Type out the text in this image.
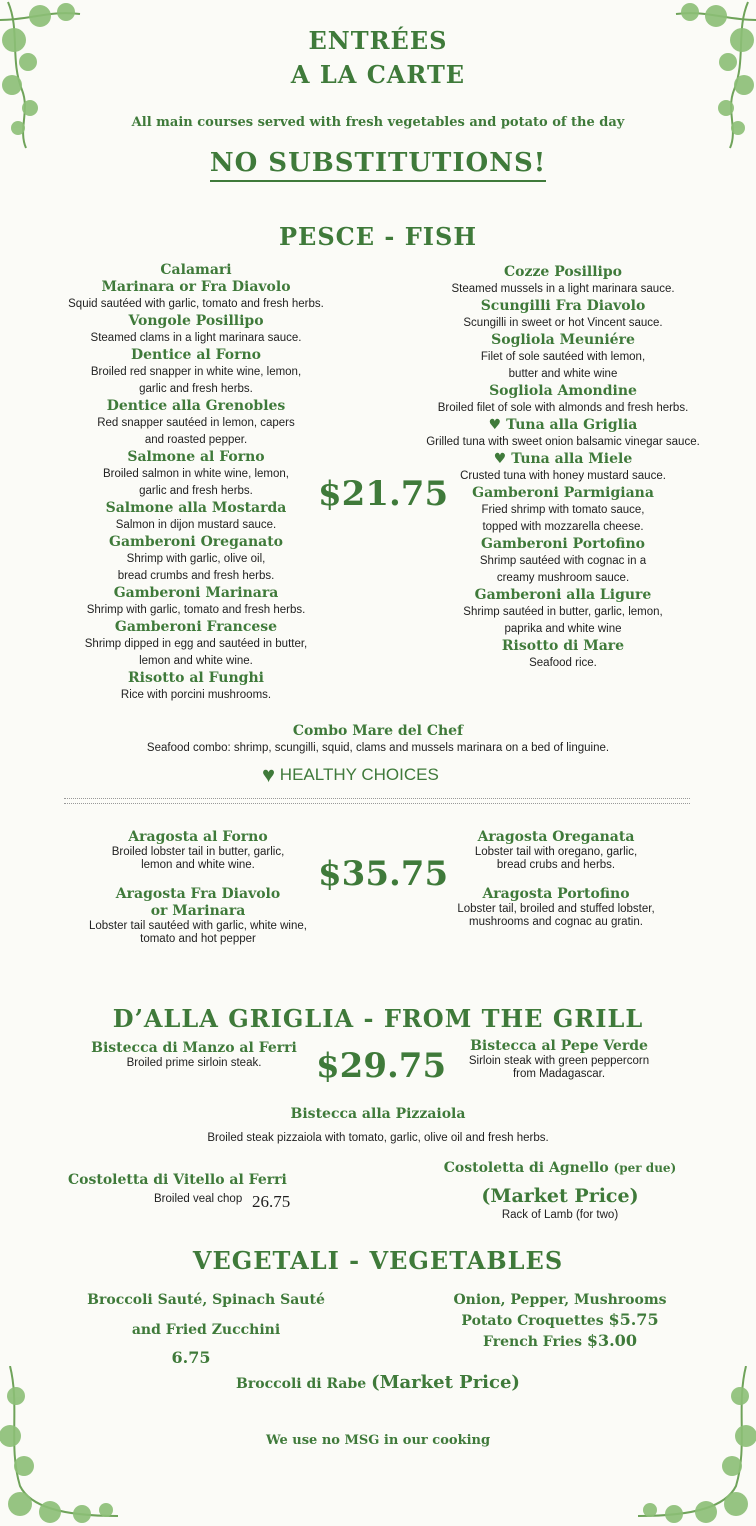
ENTRÉES
A LA CARTE
All main courses served with fresh vegetables and potato of the day
NO SUBSTITUTIONS!
PESCE - FISH
Calamari
Marinara or Fra Diavolo
Squid sautéed with garlic, tomato and fresh herbs.
Vongole Posillipo
Steamed clams in a light marinara sauce.
Dentice al Forno
Broiled red snapper in white wine, lemon,
garlic and fresh herbs.
Dentice alla Grenobles
Red snapper sautéed in lemon, capers
and roasted pepper.
Salmone al Forno
Broiled salmon in white wine, lemon,
garlic and fresh herbs.
Salmone alla Mostarda
Salmon in dijon mustard sauce.
Gamberoni Oreganato
Shrimp with garlic, olive oil,
bread crumbs and fresh herbs.
Gamberoni Marinara
Shrimp with garlic, tomato and fresh herbs.
Gamberoni Francese
Shrimp dipped in egg and sautéed in butter,
lemon and white wine.
Risotto al Funghi
Rice with porcini mushrooms.
Cozze Posillipo
Steamed mussels in a light marinara sauce.
Scungilli Fra Diavolo
Scungilli in sweet or hot Vincent sauce.
Sogliola Meuniére
Filet of sole sautéed with lemon,
butter and white wine
Sogliola Amondine
Broiled filet of sole with almonds and fresh herbs.
♥ Tuna alla Griglia
Grilled tuna with sweet onion balsamic vinegar sauce.
♥ Tuna alla Miele
Crusted tuna with honey mustard sauce.
Gamberoni Parmigiana
Fried shrimp with tomato sauce,
topped with mozzarella cheese.
Gamberoni Portofino
Shrimp sautéed with cognac in a
creamy mushroom sauce.
Gamberoni alla Ligure
Shrimp sautéed in butter, garlic, lemon,
paprika and white wine
Risotto di Mare
Seafood rice.
$21.75
Combo Mare del Chef
Seafood combo: shrimp, scungilli, squid, clams and mussels marinara on a bed of linguine.
♥ HEALTHY CHOICES
Aragosta al Forno
Broiled lobster tail in butter, garlic,
lemon and white wine.
Aragosta Fra Diavolo
or Marinara
Lobster tail sautéed with garlic, white wine,
tomato and hot pepper
Aragosta Oreganata
Lobster tail with oregano, garlic,
bread crubs and herbs.
Aragosta Portofino
Lobster tail, broiled and stuffed lobster,
mushrooms and cognac au gratin.
$35.75
D’ALLA GRIGLIA - FROM THE GRILL
Bistecca di Manzo al Ferri
Broiled prime sirloin steak.	$29.75	Bistecca al Pepe Verde
Sirloin steak with green peppercorn
from Madagascar.
Bistecca alla Pizzaiola
Broiled steak pizzaiola with tomato, garlic, olive oil and fresh herbs.
Costoletta di Vitello al Ferri
Broiled veal chop 26.75
Costoletta di Agnello (per due)
(Market Price)
Rack of Lamb (for two)
VEGETALI - VEGETABLES
Broccoli Sauté, Spinach Sauté
and Fried Zucchini
6.75
Onion, Pepper, Mushrooms
Potato Croquettes $5.75
French Fries $3.00
Broccoli di Rabe (Market Price)
We use no MSG in our cooking
